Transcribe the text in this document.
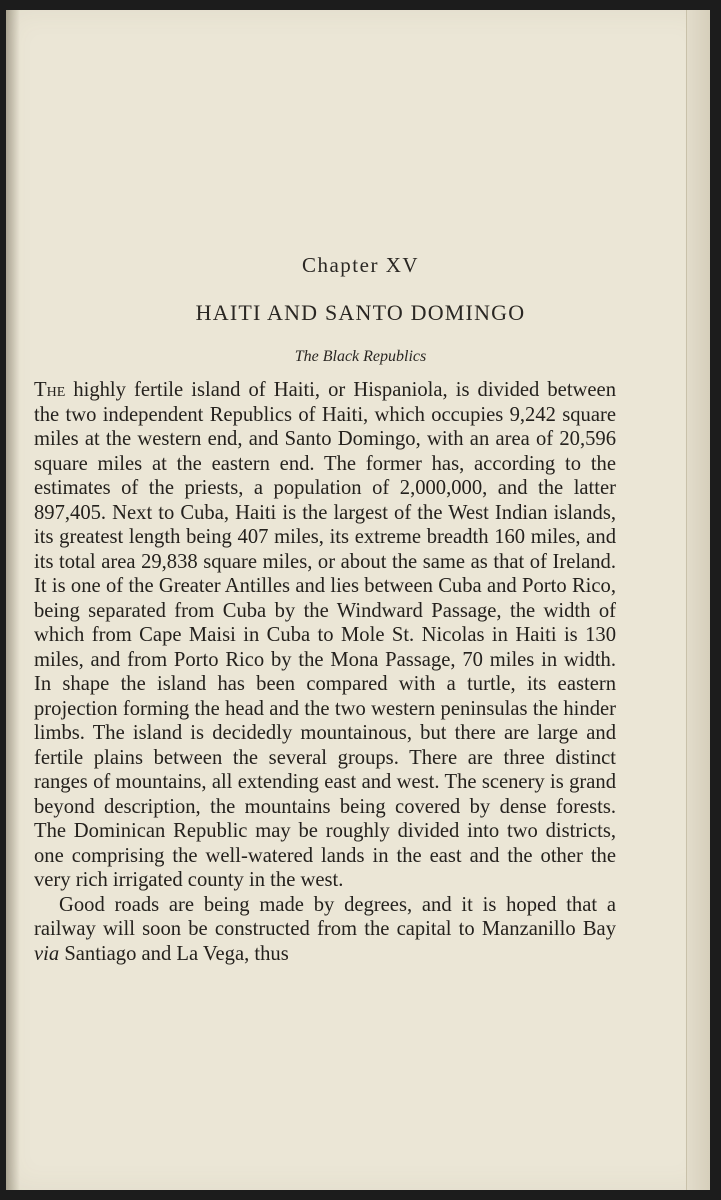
Chapter XV
HAITI AND SANTO DOMINGO
The Black Republics

The highly fertile island of Haiti, or Hispaniola, is divided between the two independent Republics of Haiti, which occupies 9,242 square miles at the western end, and Santo Domingo, with an area of 20,596 square miles at the eastern end. The former has, according to the estimates of the priests, a population of 2,000,000, and the latter 897,405. Next to Cuba, Haiti is the largest of the West Indian islands, its greatest length being 407 miles, its extreme breadth 160 miles, and its total area 29,838 square miles, or about the same as that of Ireland. It is one of the Greater Antilles and lies between Cuba and Porto Rico, being separated from Cuba by the Windward Passage, the width of which from Cape Maisi in Cuba to Mole St. Nicolas in Haiti is 130 miles, and from Porto Rico by the Mona Passage, 70 miles in width. In shape the island has been compared with a turtle, its eastern projection forming the head and the two western peninsulas the hinder limbs. The island is decidedly mountainous, but there are large and fertile plains between the several groups. There are three distinct ranges of mountains, all extending east and west. The scenery is grand beyond description, the mountains being covered by dense forests. The Dominican Republic may be roughly divided into two districts, one comprising the well-watered lands in the east and the other the very rich irrigated county in the west.

Good roads are being made by degrees, and it is hoped that a railway will soon be constructed from the capital to Manzanillo Bay via Santiago and La Vega, thus
